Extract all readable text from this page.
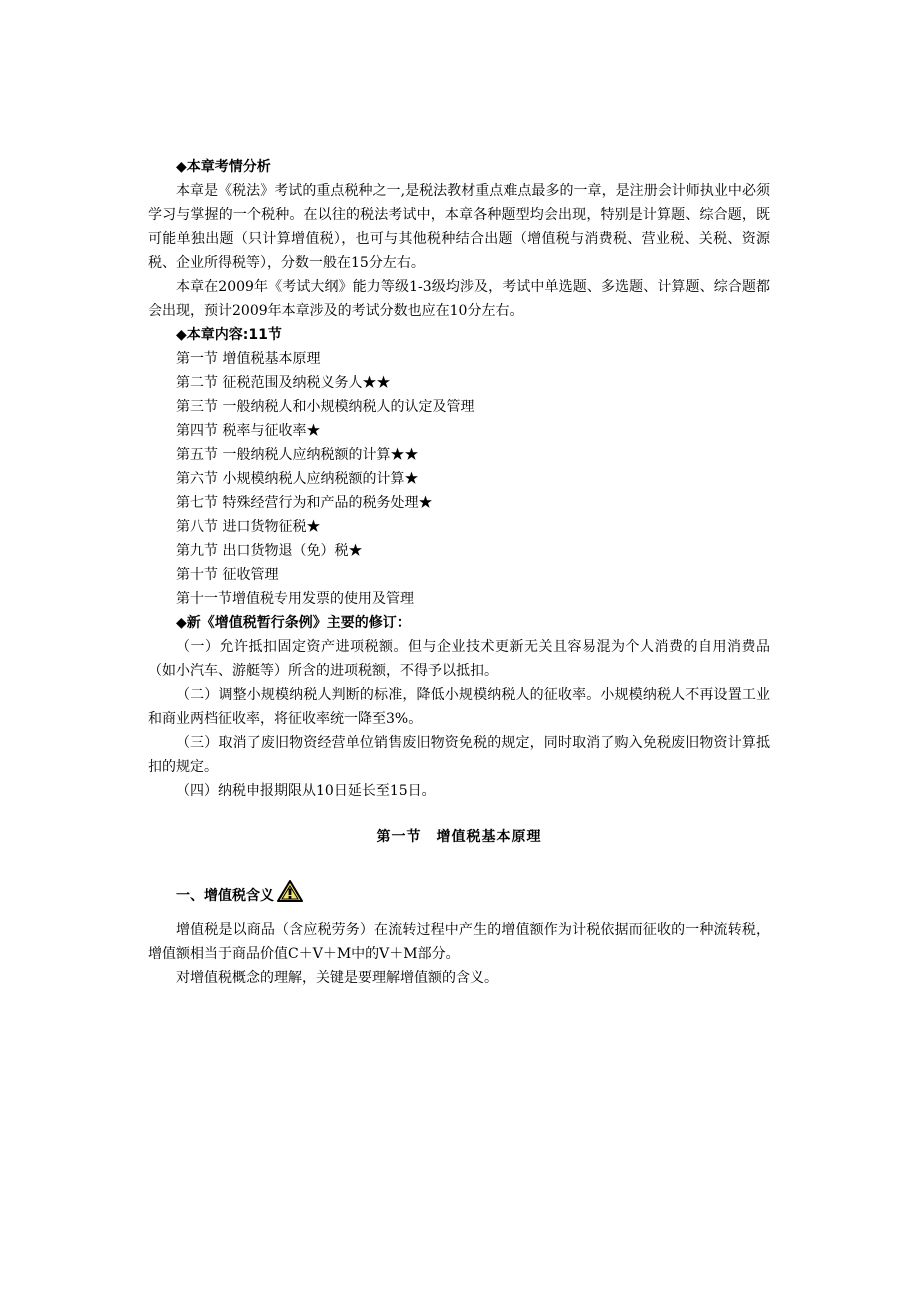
◆本章考情分析

本章是《税法》考试的重点税种之一,是税法教材重点难点最多的一章，是注册会计师执业中必须学习与掌握的一个税种。在以往的税法考试中，本章各种题型均会出现，特别是计算题、综合题，既可能单独出题（只计算增值税），也可与其他税种结合出题（增值税与消费税、营业税、关税、资源税、企业所得税等），分数一般在15分左右。

本章在2009年《考试大纲》能力等级1-3级均涉及，考试中单选题、多选题、计算题、综合题都会出现，预计2009年本章涉及的考试分数也应在10分左右。

◆本章内容:11节

第一节 增值税基本原理

第二节 征税范围及纳税义务人★★

第三节 一般纳税人和小规模纳税人的认定及管理

第四节 税率与征收率★

第五节 一般纳税人应纳税额的计算★★

第六节 小规模纳税人应纳税额的计算★

第七节 特殊经营行为和产品的税务处理★

第八节 进口货物征税★

第九节 出口货物退（免）税★

第十节 征收管理

第十一节增值税专用发票的使用及管理

◆新《增值税暂行条例》主要的修订：

（一）允许抵扣固定资产进项税额。但与企业技术更新无关且容易混为个人消费的自用消费品（如小汽车、游艇等）所含的进项税额，不得予以抵扣。

（二）调整小规模纳税人判断的标准，降低小规模纳税人的征收率。小规模纳税人不再设置工业和商业两档征收率，将征收率统一降至3%。

（三）取消了废旧物资经营单位销售废旧物资免税的规定，同时取消了购入免税废旧物资计算抵扣的规定。

（四）纳税申报期限从10日延长至15日。

第一节　增值税基本原理

一、增值税含义

增值税是以商品（含应税劳务）在流转过程中产生的增值额作为计税依据而征收的一种流转税，增值额相当于商品价值C＋V＋M中的V＋M部分。

对增值税概念的理解，关键是要理解增值额的含义。
